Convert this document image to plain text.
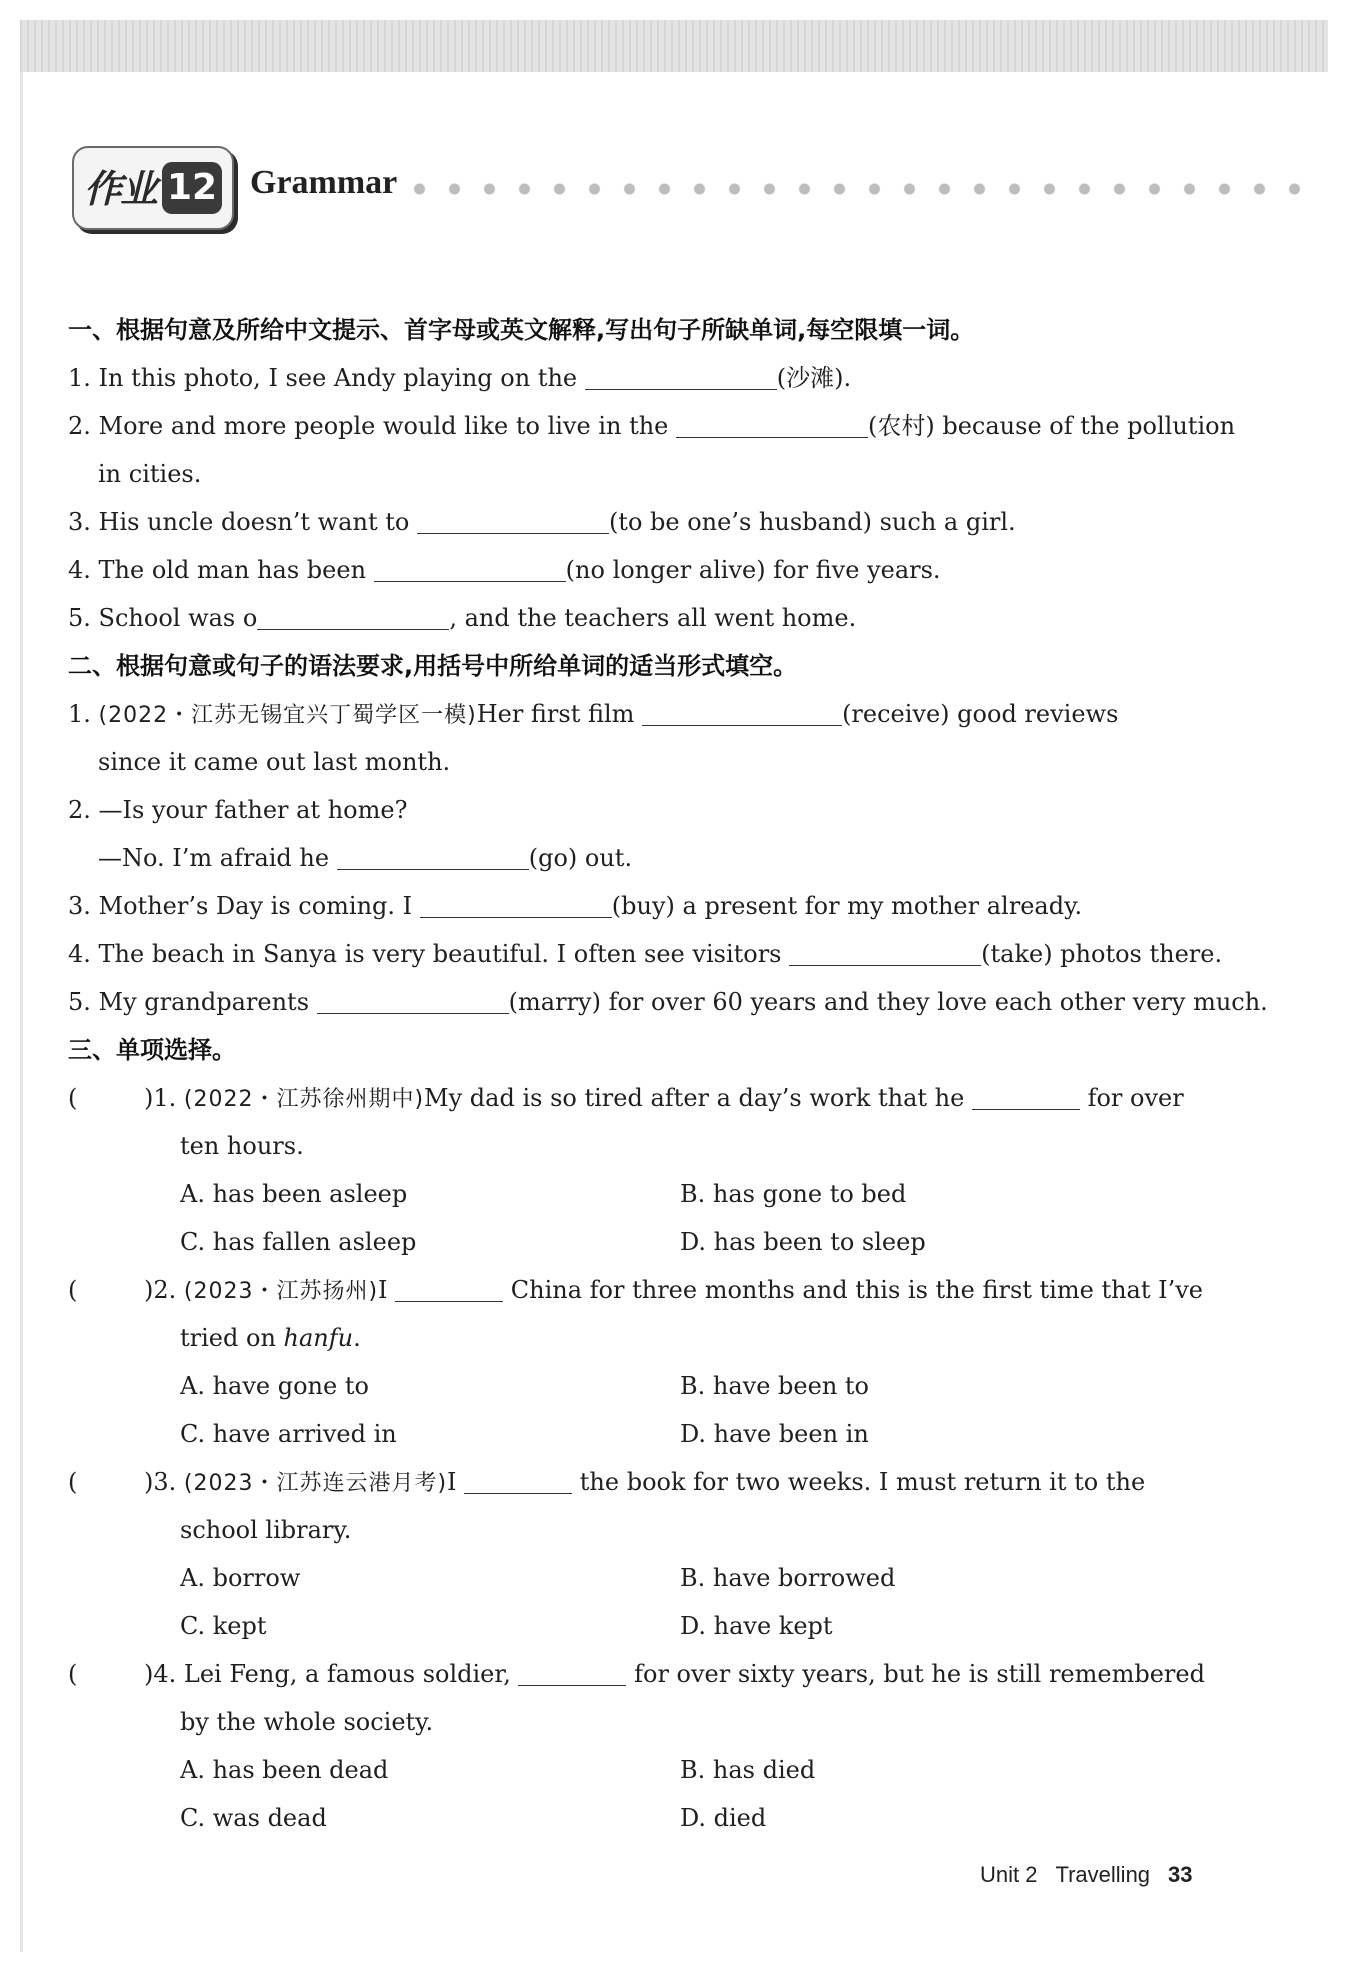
作业 12 Grammar
一、根据句意及所给中文提示、首字母或英文解释,写出句子所缺单词,每空限填一词。
1. In this photo, I see Andy playing on the	(沙滩).
2. More and more people would like to live in the	(农村) because of the pollution
in cities.
3. His uncle doesn’t want to	(to be one’s husband) such a girl.
4. The old man has been	(no longer alive) for five years.
5. School was o	, and the teachers all went home.
二、根据句意或句子的语法要求,用括号中所给单词的适当形式填空。
1. (2022・江苏无锡宜兴丁蜀学区一模)Her first film	(receive) good reviews
since it came out last month.
2. —Is your father at home?
—No. I’m afraid he	(go) out.
3. Mother’s Day is coming. I	(buy) a present for my mother already.
4. The beach in Sanya is very beautiful. I often see visitors	(take) photos there.
5. My grandparents	(marry) for over 60 years and they love each other very much.
三、单项选择。
(	)1. (2022・江苏徐州期中)My dad is so tired after a day’s work that he	for over
ten hours.
A. has been asleep	B. has gone to bed
C. has fallen asleep	D. has been to sleep
(	)2. (2023・江苏扬州)I	China for three months and this is the first time that I’ve
tried on hanfu.
A. have gone to	B. have been to
C. have arrived in	D. have been in
(	)3. (2023・江苏连云港月考)I	the book for two weeks. I must return it to the
school library.
A. borrow	B. have borrowed
C. kept	D. have kept
(	)4. Lei Feng, a famous soldier,	for over sixty years, but he is still remembered
by the whole society.
A. has been dead	B. has died
C. was dead	D. died
Unit 2 Travelling 33
